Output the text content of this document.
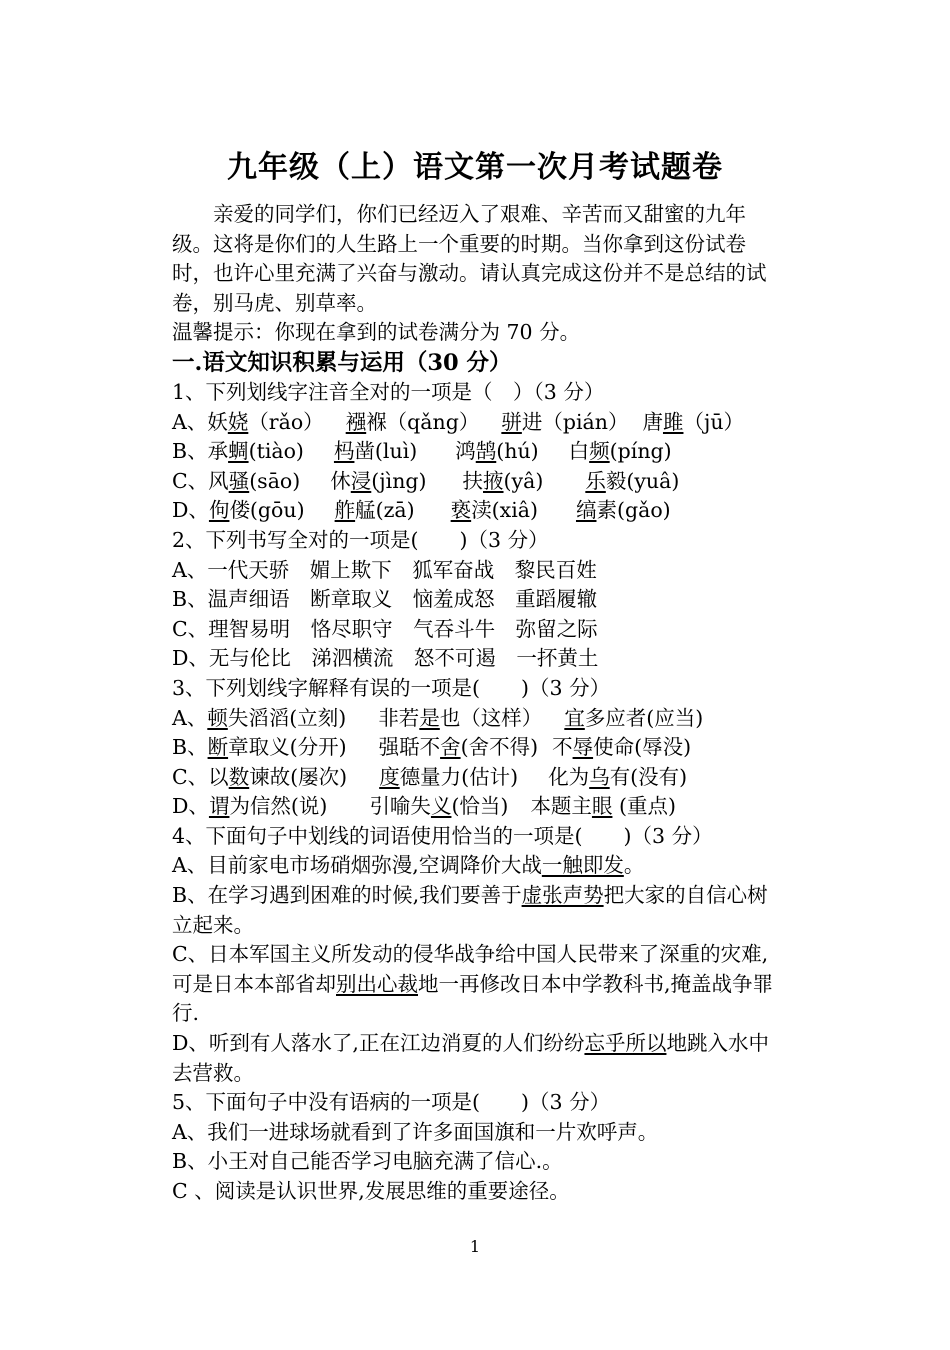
九年级（上）语文第一次月考试题卷
亲爱的同学们，你们已经迈入了艰难、辛苦而又甜蜜的九年级。这将是你们的人生路上一个重要的时期。当你拿到这份试卷时，也许心里充满了兴奋与激动。请认真完成这份并不是总结的试卷，别马虎、别草率。
温馨提示：你现在拿到的试卷满分为 70 分。
一.语文知识积累与运用（30 分）
1、下列划线字注音全对的一项是（　）（3 分）
A、妖娆（rǎo） 襁褓（qǎng） 骈进（pián） 唐雎（jū）
B、承蜩(tiào) 杩凿(luì) 鸿鹄(hú) 白频(píng)
C、风骚(sāo) 休浸(jìng) 扶掖(yâ) 乐毅(yuâ)
D、佝偻(gōu) 舴艋(zā) 亵渎(xiâ) 缟素(gǎo)
2、下列书写全对的一项是(　　)（3 分）
A、一代天骄　媚上欺下　狐军奋战　黎民百姓
B、温声细语　断章取义　恼羞成怒　重蹈履辙
C、理智易明　恪尽职守　气吞斗牛　弥留之际
D、无与伦比　涕泗横流　怒不可遏　一抔黄土
3、下列划线字解释有误的一项是(　　)（3 分）
A、顿失滔滔(立刻) 非若是也（这样） 宜多应者(应当)
B、断章取义(分开) 强聒不舍(舍不得) 不辱使命(辱没)
C、以数谏故(屡次) 度德量力(估计) 化为乌有(没有)
D、谓为信然(说) 引喻失义(恰当) 本题主眼 (重点)
4、下面句子中划线的词语使用恰当的一项是(　　)（3 分）
A、目前家电市场硝烟弥漫,空调降价大战一触即发。
B、在学习遇到困难的时候,我们要善于虚张声势把大家的自信心树立起来。
C、日本军国主义所发动的侵华战争给中国人民带来了深重的灾难,可是日本本部省却别出心裁地一再修改日本中学教科书,掩盖战争罪行.
D、听到有人落水了,正在江边消夏的人们纷纷忘乎所以地跳入水中去营救。
5、下面句子中没有语病的一项是(　　)（3 分）
A、我们一进球场就看到了许多面国旗和一片欢呼声。
B、小王对自己能否学习电脑充满了信心.。
C 、阅读是认识世界,发展思维的重要途径。
1
